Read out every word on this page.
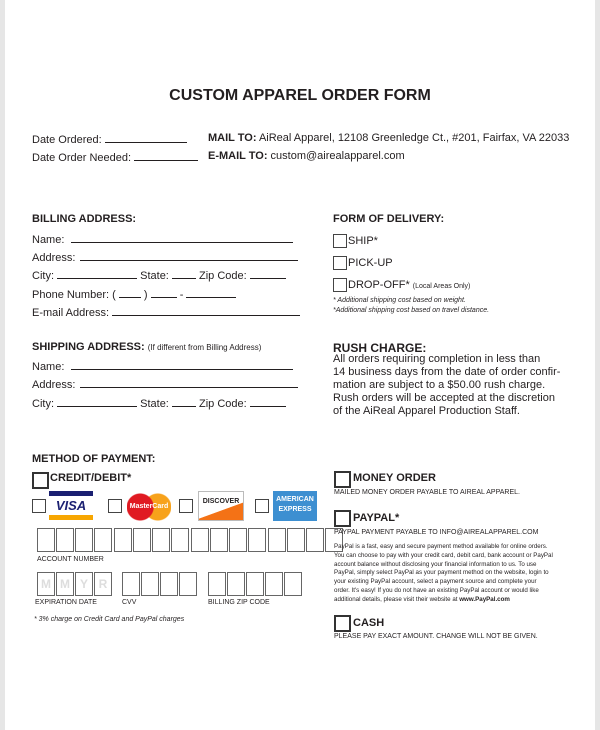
CUSTOM APPAREL ORDER FORM
Date Ordered:
Date Order Needed:
MAIL TO: AiReal Apparel, 12108 Greenledge Ct., #201, Fairfax, VA 22033
E-MAIL TO: custom@airealapparel.com
BILLING ADDRESS:
Name:
Address:
City:	State:	Zip Code:
Phone Number: (	)	-
E-mail Address:
SHIPPING ADDRESS: (If different from Billing Address)
Name:
Address:
City:	State:	Zip Code:
FORM OF DELIVERY:
SHIP*
PICK-UP
DROP-OFF* (Local Areas Only)
* Additional shipping cost based on weight.
*Additional shipping cost based on travel distance.
RUSH CHARGE:
All orders requiring completion in less than
14 business days from the date of order confir-
mation are subject to a $50.00 rush charge.
Rush orders will be accepted at the discretion
of the AiReal Apparel Production Staff.
METHOD OF PAYMENT:
CREDIT/DEBIT*
VISA	MasterCard
DISCOVER	AMERICAN EXPRESS
ACCOUNT NUMBER
M M Y R
EXPIRATION DATE	CVV	BILLING ZIP CODE
* 3% charge on Credit Card and PayPal charges
MONEY ORDER
MAILED MONEY ORDER PAYABLE TO AIREAL APPAREL.
PAYPAL*
PAYPAL PAYMENT PAYABLE TO INFO@AIREALAPPAREL.COM
PayPal is a fast, easy and secure payment method available for online orders. You can choose to pay with your credit card, debit card, bank account or PayPal account balance without disclosing your financial information to us. To use PayPal, simply select PayPal as your payment method on the website, login to your existing PayPal account, select a payment source and complete your order. It's easy! If you do not have an existing PayPal account or would like additional details, please visit their website at www.PayPal.com
CASH
PLEASE PAY EXACT AMOUNT. CHANGE WILL NOT BE GIVEN.
